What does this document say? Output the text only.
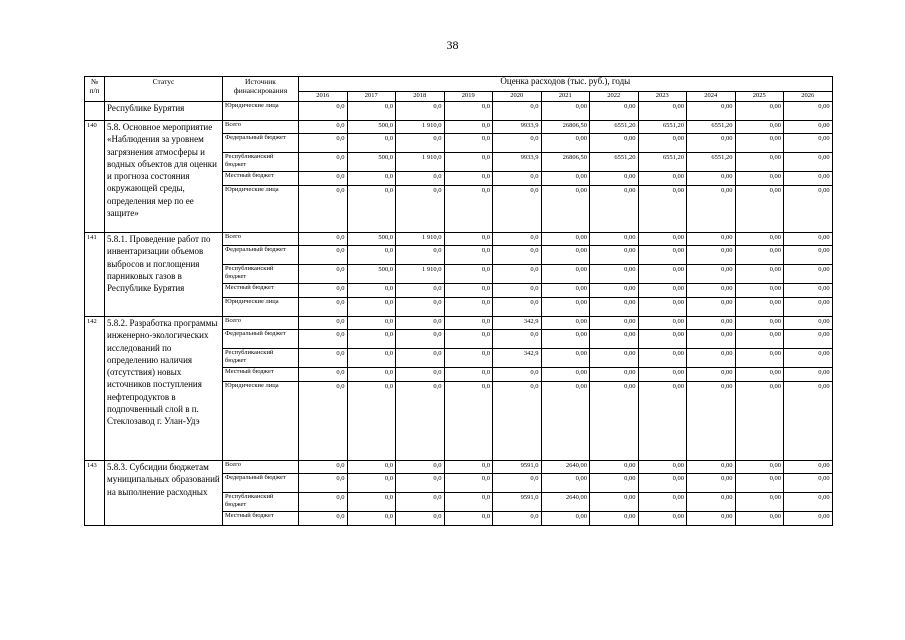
38
№ п/п	Статус	Источник финансирования	Оценка расходов (тыс. руб.), годы										
			2016	2017	2018	2019	2020	2021	2022	2023	2024	2025	2026
	Республике Бурятия	Юридические лица	0,0	0,0	0,0	0,0	0,0	0,00	0,00	0,00	0,00	0,00	0,00
140	5.8. Основное мероприятие «Наблюдения за уровнем загрязнения атмосферы и водных объектов для оценки и прогноза состояния окружающей среды, определения мер по ее защите»	Всего	0,0	500,0	1 910,0	0,0	9933,9	26806,50	6551,20	6551,20	6551,20	0,00	0,00
		Федеральный бюджет	0,0	0,0	0,0	0,0	0,0	0,00	0,00	0,00	0,00	0,00	0,00
		Республиканский бюджет	0,0	500,0	1 910,0	0,0	9933,9	26806,50	6551,20	6551,20	6551,20	0,00	0,00
		Местный бюджет	0,0	0,0	0,0	0,0	0,0	0,00	0,00	0,00	0,00	0,00	0,00
		Юридические лица	0,0	0,0	0,0	0,0	0,0	0,00	0,00	0,00	0,00	0,00	0,00
141	5.8.1. Проведение работ по инвентаризации объемов выбросов и поглощения парниковых газов в Республике Бурятия	Всего	0,0	500,0	1 910,0	0,0	0,0	0,00	0,00	0,00	0,00	0,00	0,00
		Федеральный бюджет	0,0	0,0	0,0	0,0	0,0	0,00	0,00	0,00	0,00	0,00	0,00
		Республиканский бюджет	0,0	500,0	1 910,0	0,0	0,0	0,00	0,00	0,00	0,00	0,00	0,00
		Местный бюджет	0,0	0,0	0,0	0,0	0,0	0,00	0,00	0,00	0,00	0,00	0,00
		Юридические лица	0,0	0,0	0,0	0,0	0,0	0,00	0,00	0,00	0,00	0,00	0,00
142	5.8.2. Разработка программы инженерно-экологических исследований по определению наличия (отсутствия) новых источников поступления нефтепродуктов в подпочвенный слой в п. Стеклозавод г. Улан-Удэ	Всего	0,0	0,0	0,0	0,0	342,9	0,00	0,00	0,00	0,00	0,00	0,00
		Федеральный бюджет	0,0	0,0	0,0	0,0	0,0	0,00	0,00	0,00	0,00	0,00	0,00
		Республиканский бюджет	0,0	0,0	0,0	0,0	342,9	0,00	0,00	0,00	0,00	0,00	0,00
		Местный бюджет	0,0	0,0	0,0	0,0	0,0	0,00	0,00	0,00	0,00	0,00	0,00
		Юридические лица	0,0	0,0	0,0	0,0	0,0	0,00	0,00	0,00	0,00	0,00	0,00
143	5.8.3. Субсидии бюджетам муниципальных образований на выполнение расходных	Всего	0,0	0,0	0,0	0,0	9591,0	2640,00	0,00	0,00	0,00	0,00	0,00
		Федеральный бюджет	0,0	0,0	0,0	0,0	0,0	0,00	0,00	0,00	0,00	0,00	0,00
		Республиканский бюджет	0,0	0,0	0,0	0,0	9591,0	2640,00	0,00	0,00	0,00	0,00	0,00
		Местный бюджет	0,0	0,0	0,0	0,0	0,0	0,00	0,00	0,00	0,00	0,00	0,00
